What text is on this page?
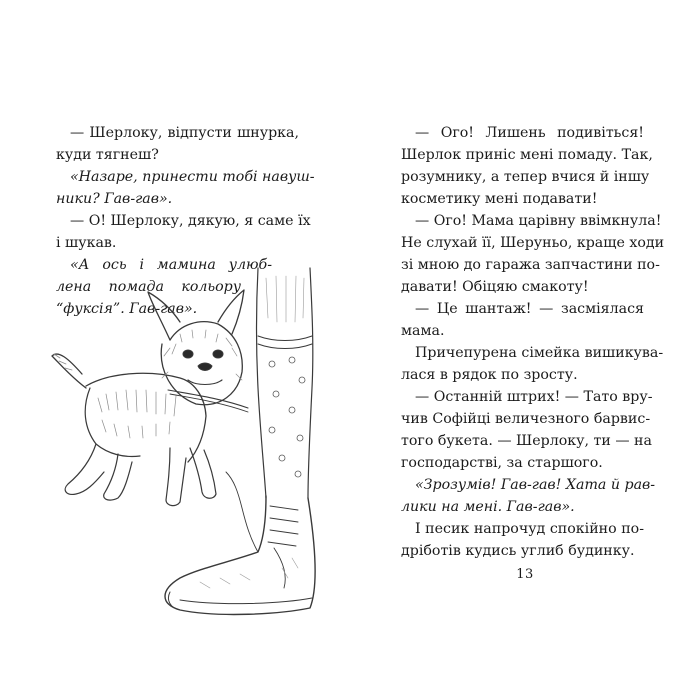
— Шерлоку, відпусти шнурка,
куди тягнеш?
«Назаре, принести тобі навуш-
ники? Гав-гав».
— О! Шерлоку, дякую, я саме їх
і шукав.
«А ось і мамина улюб-
лена помада кольору
“фуксія”. Гав-гав».
— Ого! Лишень подивіться!
Шерлок приніс мені помаду. Так,
розумнику, а тепер вчися й іншу
косметику мені подавати!
— Ого! Мама царівну ввімкнула!
Не слухай її, Шеруньо, краще ходи
зі мною до гаража запчастини по-
давати! Обіцяю смакоту!
— Це шантаж! — засміялася
мама.
Причепурена сімейка вишикува-
лася в рядок по зросту.
— Останній штрих! — Тато вру-
чив Софійці величезного барвис-
того букета. — Шерлоку, ти — на
господарстві, за старшого.
«Зрозумів! Гав-гав! Хата й рав-
лики на мені. Гав-гав».
І песик напрочуд спокійно по-
дріботів кудись углиб будинку.
13
